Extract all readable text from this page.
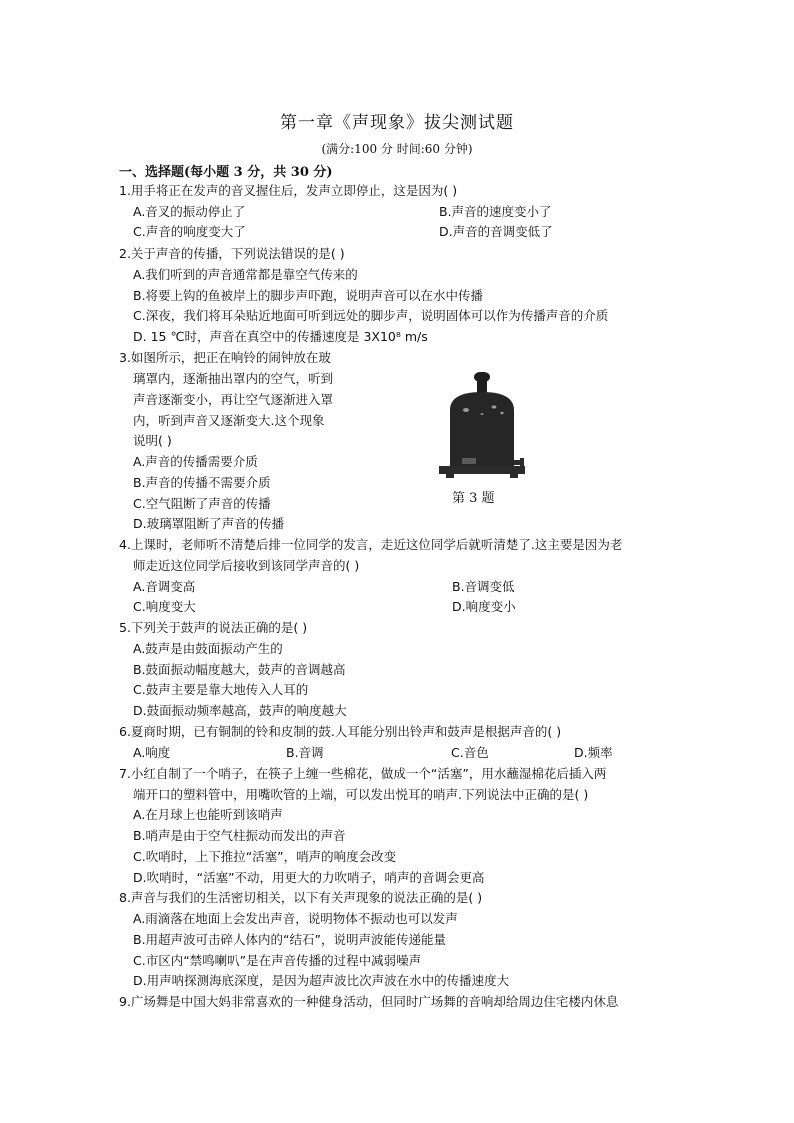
第一章《声现象》拔尖测试题
(满分:100 分 时间:60 分钟)
一、选择题(每小题 3 分，共 30 分)
1.用手将正在发声的音叉握住后，发声立即停止，这是因为( )
A.音叉的振动停止了	B.声音的速度变小了
C.声音的响度变大了	D.声音的音调变低了
2.关于声音的传播，下列说法错误的是( )
A.我们听到的声音通常都是靠空气传来的
B.将要上钩的鱼被岸上的脚步声吓跑，说明声音可以在水中传播
C.深夜，我们将耳朵贴近地面可听到远处的脚步声，说明固体可以作为传播声音的介质
D. 15 ℃时，声音在真空中的传播速度是 3X10⁸ m/s
3.如图所示，把正在响铃的闹钟放在玻
璃罩内，逐渐抽出罩内的空气，听到
声音逐渐变小，再让空气逐渐进入罩
内，听到声音又逐渐变大.这个现象
说明( )
A.声音的传播需要介质
B.声音的传播不需要介质
C.空气阻断了声音的传播
D.玻璃罩阻断了声音的传播
第 3 题
4.上课时，老师听不清楚后排一位同学的发言，走近这位同学后就听清楚了.这主要是因为老
师走近这位同学后接收到该同学声音的( )
A.音调变高	B.音调变低
C.响度变大	D.响度变小
5.下列关于鼓声的说法正确的是( )
A.鼓声是由鼓面振动产生的
B.鼓面振动幅度越大，鼓声的音调越高
C.鼓声主要是靠大地传入人耳的
D.鼓面振动频率越高，鼓声的响度越大
6.夏商时期，已有铜制的铃和皮制的鼓.人耳能分别出铃声和鼓声是根据声音的( )
A.响度	B.音调	C.音色	D.频率
7.小红自制了一个哨子，在筷子上缠一些棉花，做成一个“活塞”，用水蘸湿棉花后插入两
端开口的塑料管中，用嘴吹管的上端，可以发出悦耳的哨声.下列说法中正确的是( )
A.在月球上也能听到该哨声
B.哨声是由于空气柱振动而发出的声音
C.吹哨时，上下推拉“活塞”，哨声的响度会改变
D.吹哨时，“活塞”不动，用更大的力吹哨子，哨声的音调会更高
8.声音与我们的生活密切相关，以下有关声现象的说法正确的是( )
A.雨滴落在地面上会发出声音，说明物体不振动也可以发声
B.用超声波可击碎人体内的“结石”，说明声波能传递能量
C.市区内“禁鸣喇叭”是在声音传播的过程中减弱噪声
D.用声呐探测海底深度，是因为超声波比次声波在水中的传播速度大
9.广场舞是中国大妈非常喜欢的一种健身活动，但同时广场舞的音响却给周边住宅楼内休息
